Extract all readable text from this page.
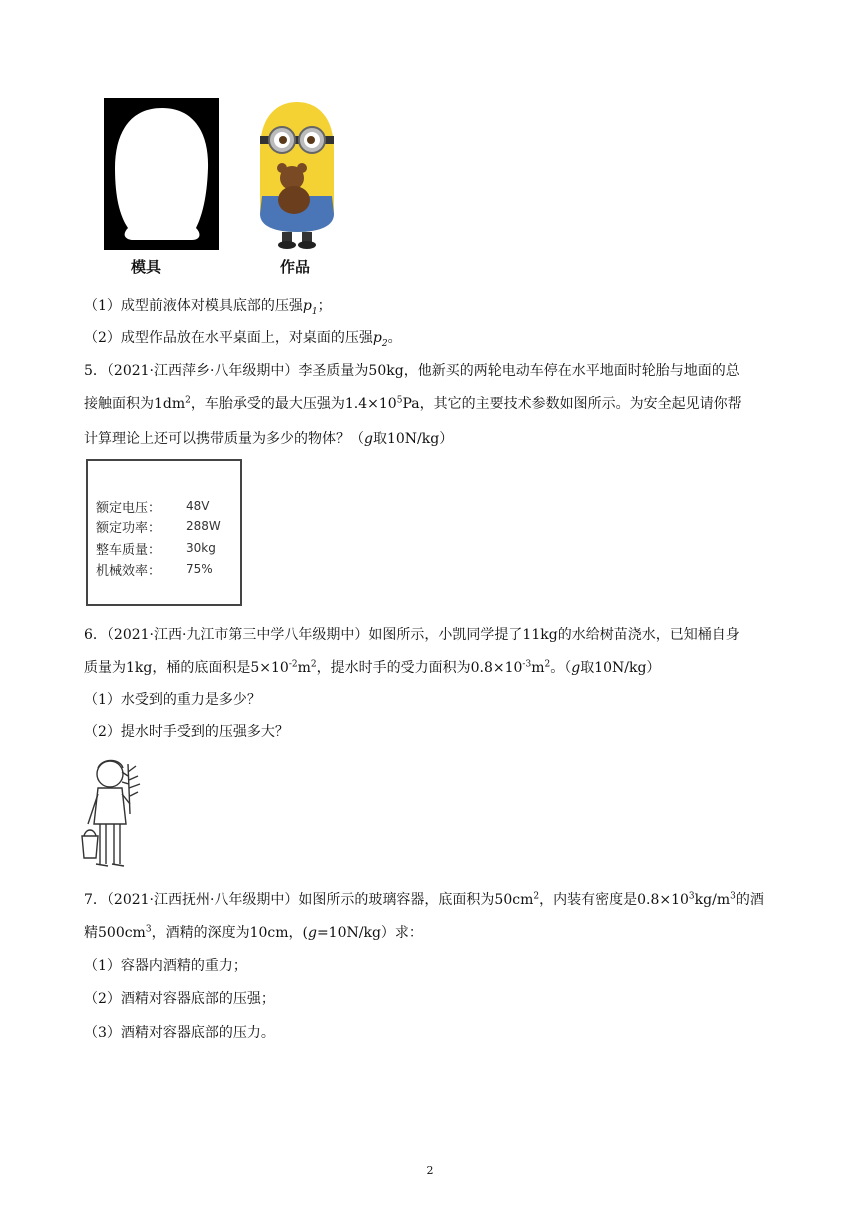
模具	作品
（1）成型前液体对模具底部的压强$p_1$；
（2）成型作品放在水平桌面上，对桌面的压强$p_2$。
5．（2021·江西萍乡·八年级期中）李圣质量为50kg，他新买的两轮电动车停在水平地面时轮胎与地面的总
接触面积为$1dm^2$，车胎承受的最大压强为$1.4\times 10^5Pa$，其它的主要技术参数如图所示。为安全起见请你帮
计算理论上还可以携带质量为多少的物体？（g取10N/kg）
额定电压： 48V
额定功率： 288W
整车质量： 30kg
机械效率： 75%
6．（2021·江西·九江市第三中学八年级期中）如图所示，小凯同学提了11kg的水给树苗浇水，已知桶自身
质量为1kg，桶的底面积是$5\times 10^{-2}m^2$，提水时手的受力面积为$0.8\times 10^{-3}m^2$。（g取10N/kg）
（1）水受到的重力是多少？
（2）提水时手受到的压强多大？
7．（2021·江西抚州·八年级期中）如图所示的玻璃容器，底面积为$50cm^2$，内装有密度是$0.8\times 10^3kg/m^3$的酒
精$500cm^3$，酒精的深度为10cm，(g=10N/kg）求：
（1）容器内酒精的重力；
（2）酒精对容器底部的压强；
（3）酒精对容器底部的压力。
2
